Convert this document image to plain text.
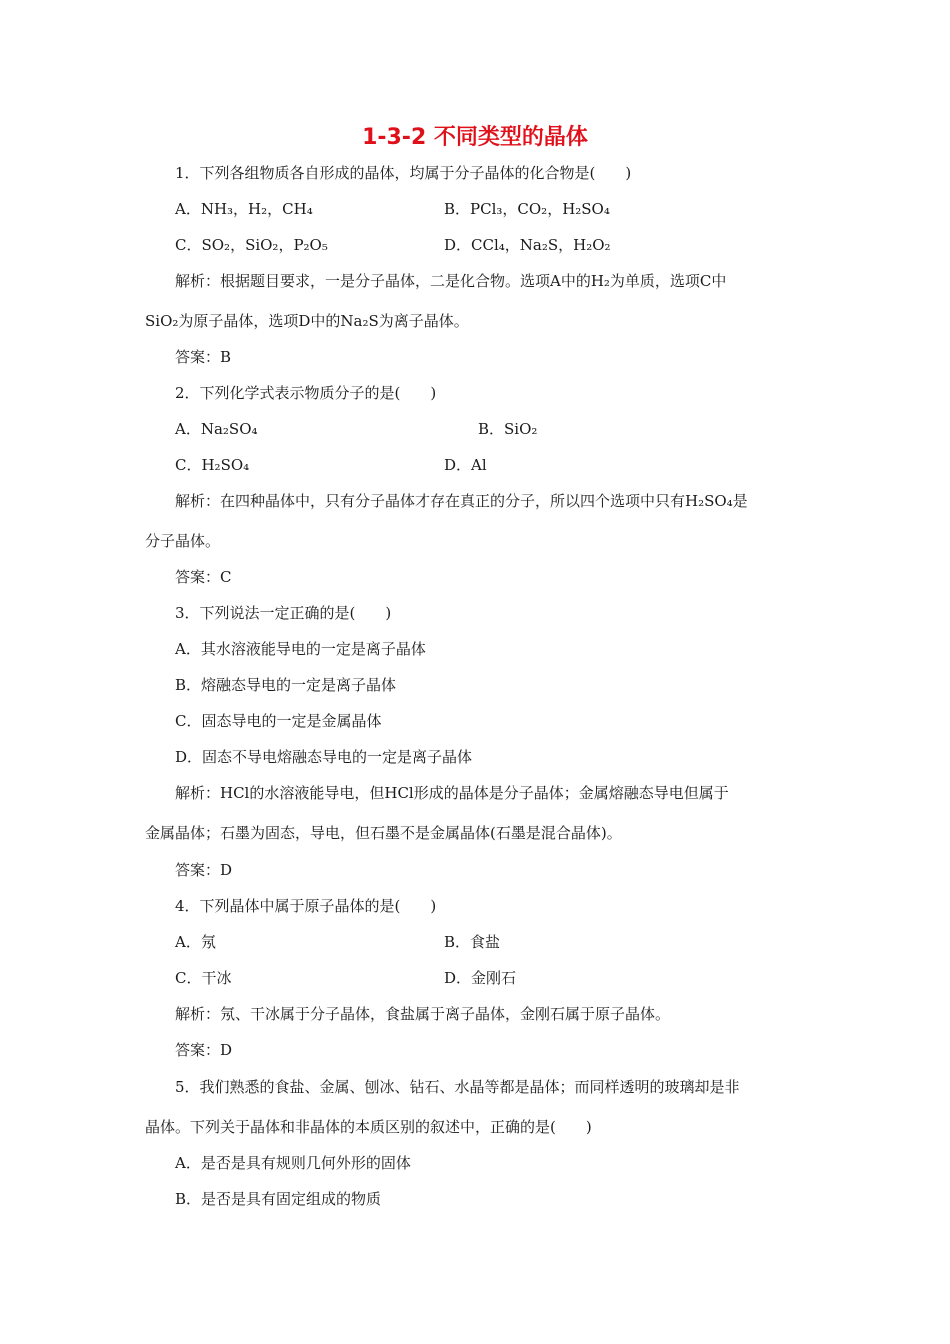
1-3-2 不同类型的晶体
1．下列各组物质各自形成的晶体，均属于分子晶体的化合物是(　　)
A．NH₃，H₂，CH₄	B．PCl₃，CO₂，H₂SO₄
C．SO₂，SiO₂，P₂O₅	D．CCl₄，Na₂S，H₂O₂
解析：根据题目要求，一是分子晶体，二是化合物。选项A中的H₂为单质，选项C中
SiO₂为原子晶体，选项D中的Na₂S为离子晶体。
答案：B
2．下列化学式表示物质分子的是(　　)
A．Na₂SO₄	B．SiO₂
C．H₂SO₄	D．Al
解析：在四种晶体中，只有分子晶体才存在真正的分子，所以四个选项中只有H₂SO₄是
分子晶体。
答案：C
3．下列说法一定正确的是(　　)
A．其水溶液能导电的一定是离子晶体
B．熔融态导电的一定是离子晶体
C．固态导电的一定是金属晶体
D．固态不导电熔融态导电的一定是离子晶体
解析：HCl的水溶液能导电，但HCl形成的晶体是分子晶体；金属熔融态导电但属于
金属晶体；石墨为固态，导电，但石墨不是金属晶体(石墨是混合晶体)。
答案：D
4．下列晶体中属于原子晶体的是(　　)
A．氖	B．食盐
C．干冰	D．金刚石
解析：氖、干冰属于分子晶体，食盐属于离子晶体，金刚石属于原子晶体。
答案：D
5．我们熟悉的食盐、金属、刨冰、钻石、水晶等都是晶体；而同样透明的玻璃却是非
晶体。下列关于晶体和非晶体的本质区别的叙述中，正确的是(　　)
A．是否是具有规则几何外形的固体
B．是否是具有固定组成的物质
